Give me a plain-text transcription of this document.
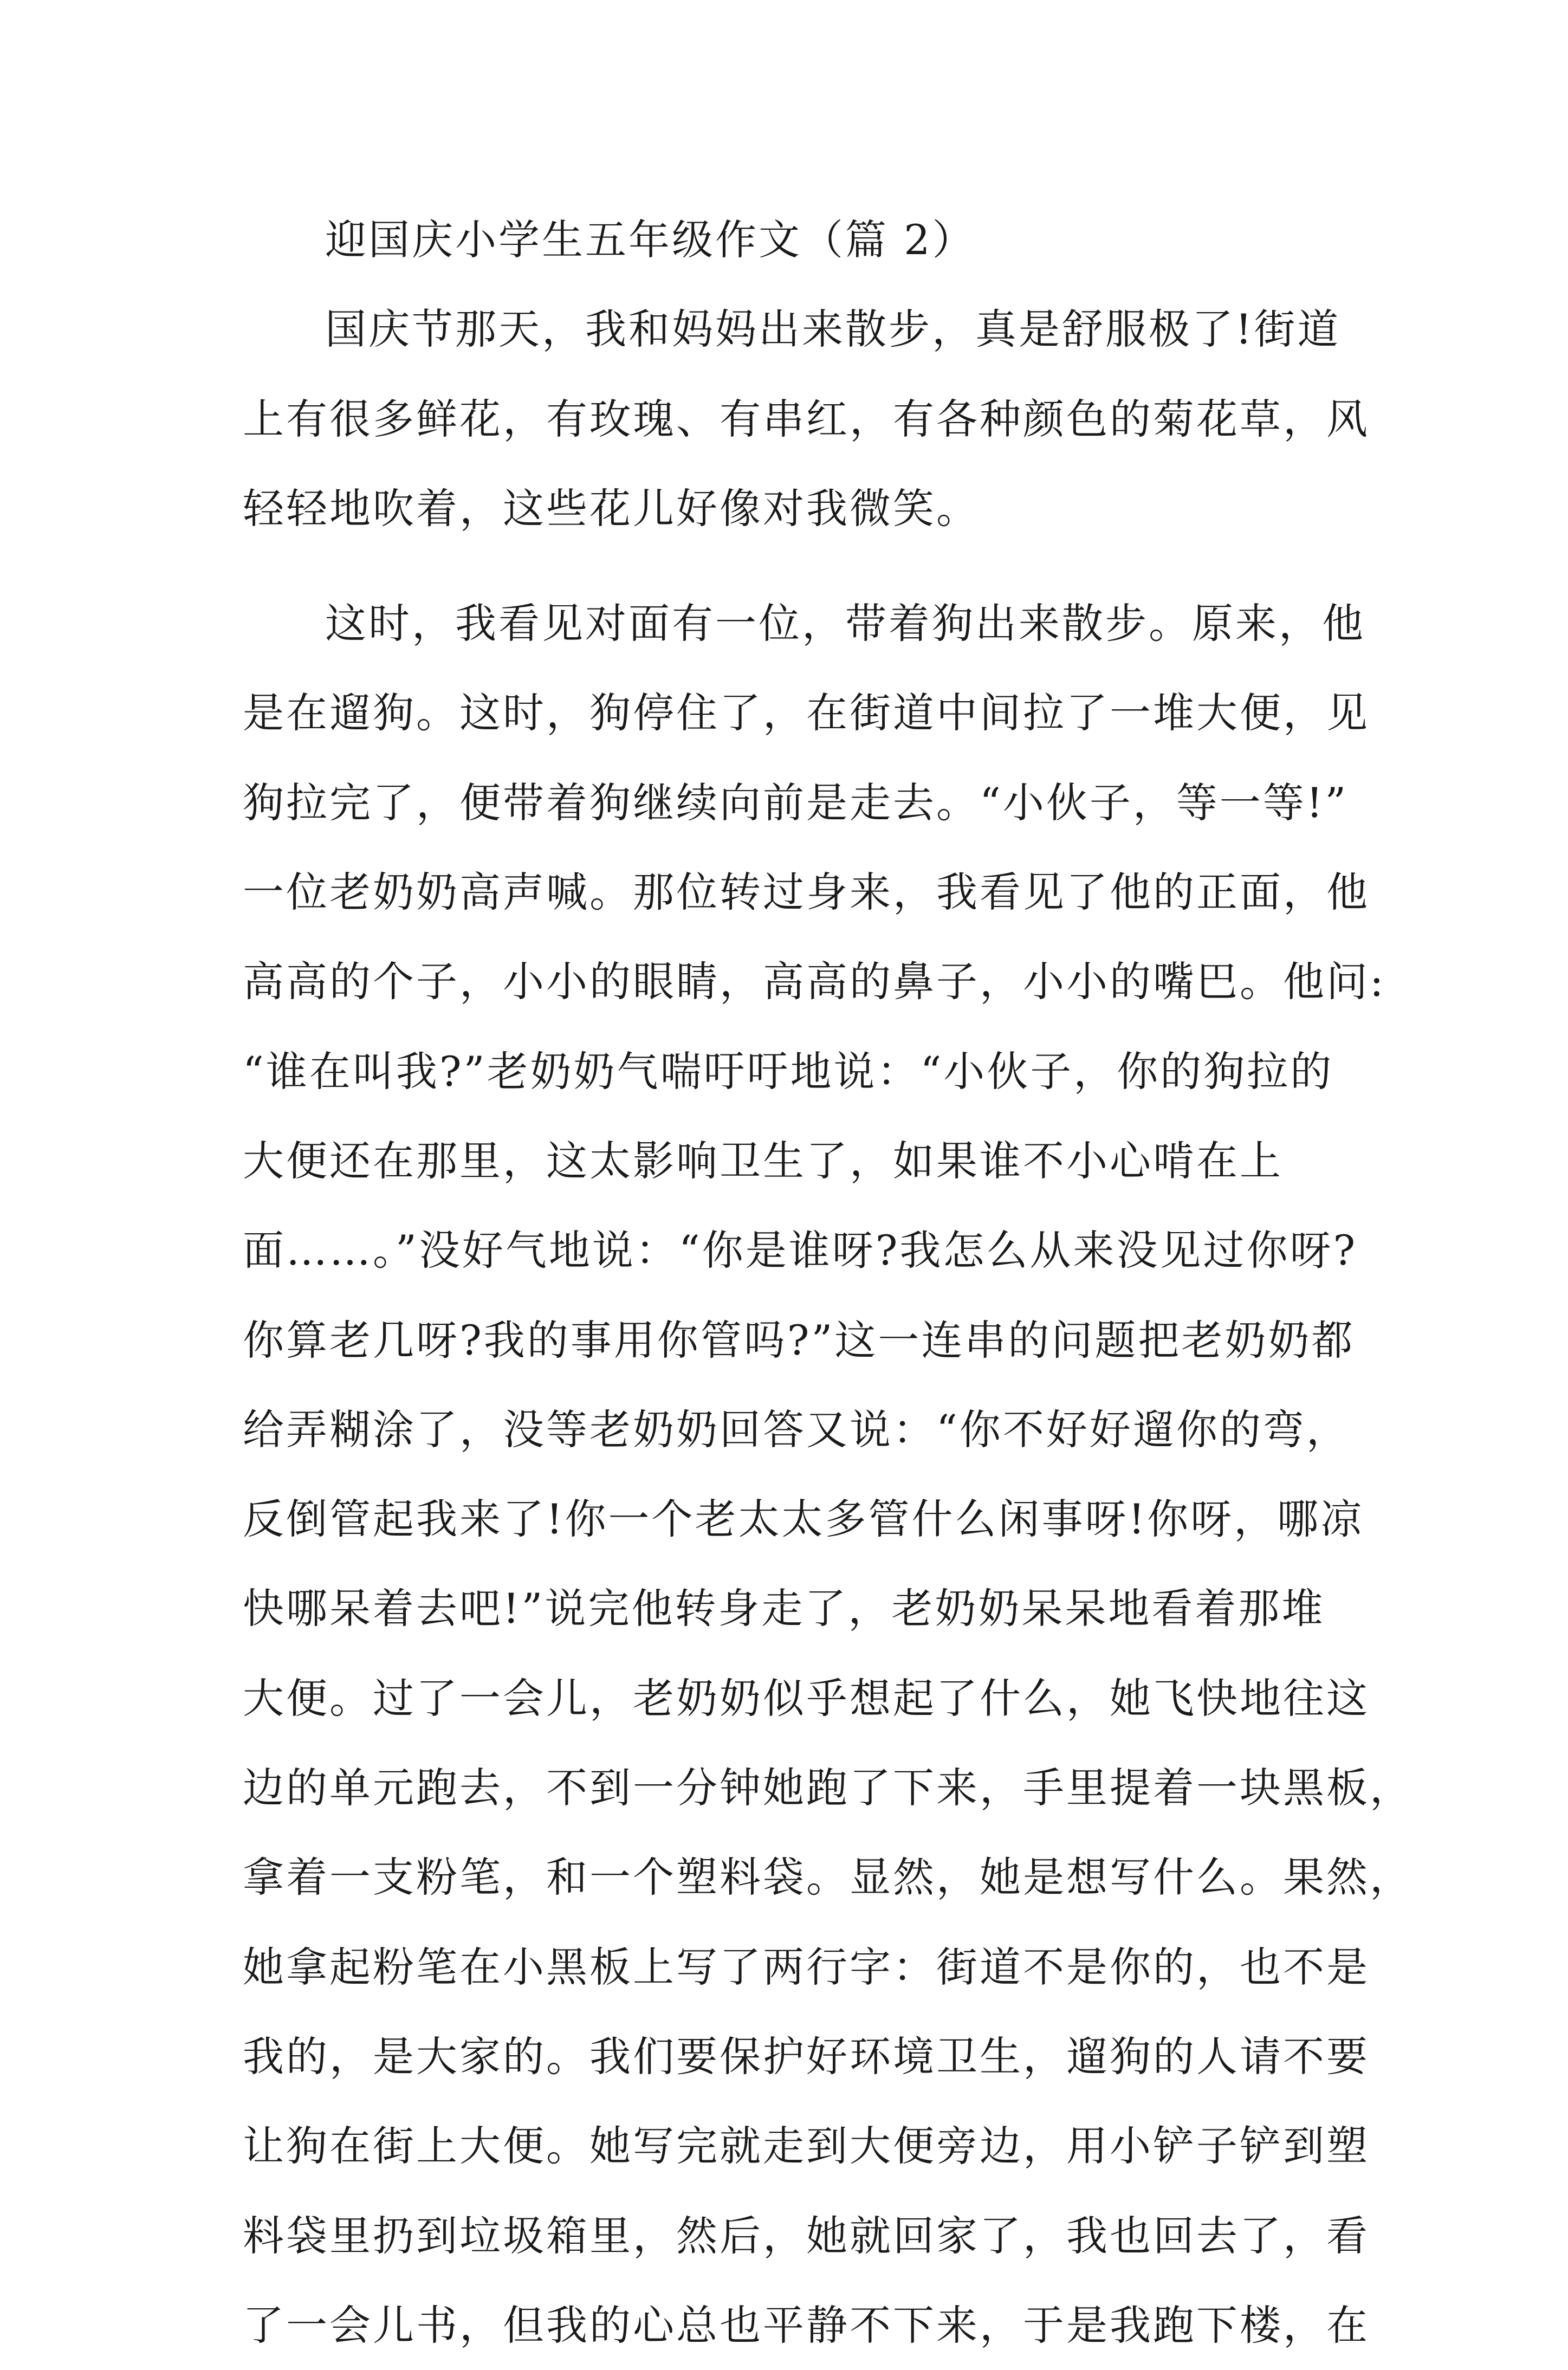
迎国庆小学生五年级作文（篇 2）
国庆节那天，我和妈妈出来散步，真是舒服极了!街道
上有很多鲜花，有玫瑰、有串红，有各种颜色的菊花草，风
轻轻地吹着，这些花儿好像对我微笑。
这时，我看见对面有一位，带着狗出来散步。原来，他
是在遛狗。这时，狗停住了，在街道中间拉了一堆大便，见
狗拉完了，便带着狗继续向前是走去。“小伙子，等一等!”
一位老奶奶高声喊。那位转过身来，我看见了他的正面，他
高高的个子，小小的眼睛，高高的鼻子，小小的嘴巴。他问:
“谁在叫我?”老奶奶气喘吁吁地说：“小伙子，你的狗拉的
大便还在那里，这太影响卫生了，如果谁不小心啃在上
面……。”没好气地说：“你是谁呀?我怎么从来没见过你呀?
你算老几呀?我的事用你管吗?”这一连串的问题把老奶奶都
给弄糊涂了，没等老奶奶回答又说：“你不好好遛你的弯，
反倒管起我来了!你一个老太太多管什么闲事呀!你呀，哪凉
快哪呆着去吧!”说完他转身走了，老奶奶呆呆地看着那堆
大便。过了一会儿，老奶奶似乎想起了什么，她飞快地往这
边的单元跑去，不到一分钟她跑了下来，手里提着一块黑板，
拿着一支粉笔，和一个塑料袋。显然，她是想写什么。果然，
她拿起粉笔在小黑板上写了两行字：街道不是你的，也不是
我的，是大家的。我们要保护好环境卫生，遛狗的人请不要
让狗在街上大便。她写完就走到大便旁边，用小铲子铲到塑
料袋里扔到垃圾箱里，然后，她就回家了，我也回去了，看
了一会儿书，但我的心总也平静不下来，于是我跑下楼，在
